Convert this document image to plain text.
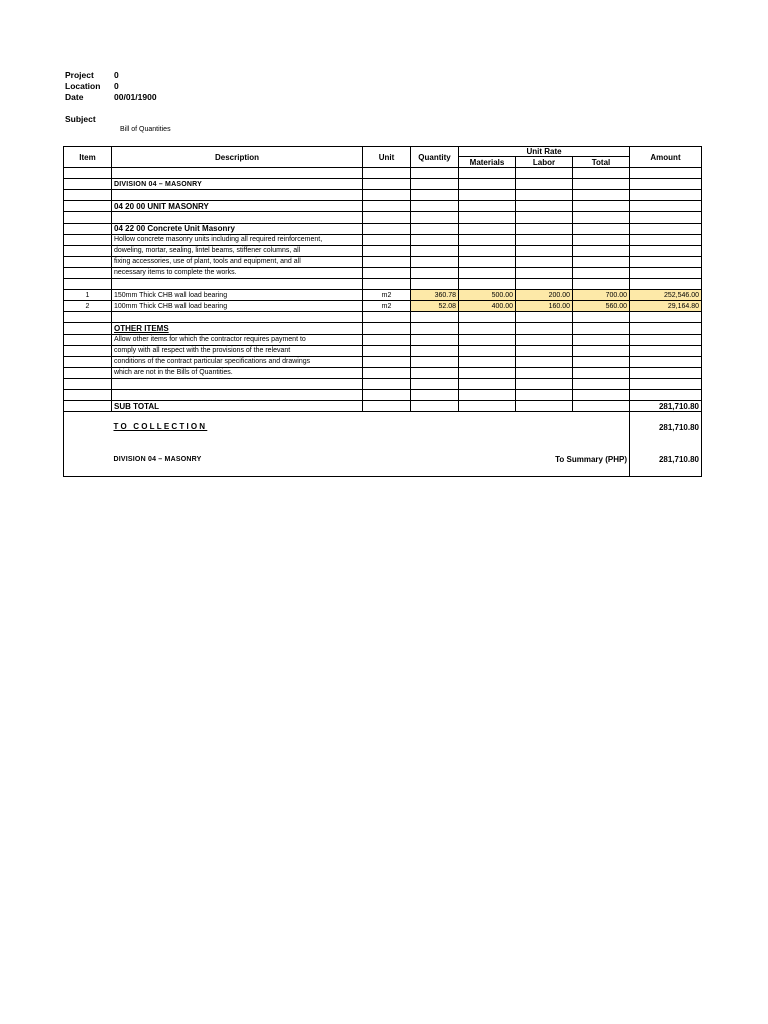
Project 0
Location 0
Date	00/01/1900
Subject
Bill of Quantities
Item	Description	Unit	Quantity	Unit Rate			Amount
				Materials	Labor	Total	

	DIVISION 04 – MASONRY						

	04 20 00 UNIT MASONRY						

	04 22 00 Concrete Unit Masonry						
	Hollow concrete masonry units including all required reinforcement,						
	doweling, mortar, sealing, lintel beams, stiffener columns, all						
	fixing accessories, use of plant, tools and equipment, and all						
	necessary items to complete the works.						

1	150mm Thick CHB wall load bearing	m2	360.78	500.00	200.00	700.00	252,546.00
2	100mm Thick CHB wall load bearing	m2	52.08	400.00	160.00	560.00	29,164.80

	OTHER ITEMS						
	Allow other items for which the contractor requires payment to						
	comply with all respect with the provisions of the relevant						
	conditions of the contract particular specifications and drawings						
	which are not in the Bills of Quantities.						

	SUB TOTAL						281,710.80
	TO COLLECTION						281,710.80
	DIVISION 04 – MASONRY	To Summary (PHP)					281,710.80
